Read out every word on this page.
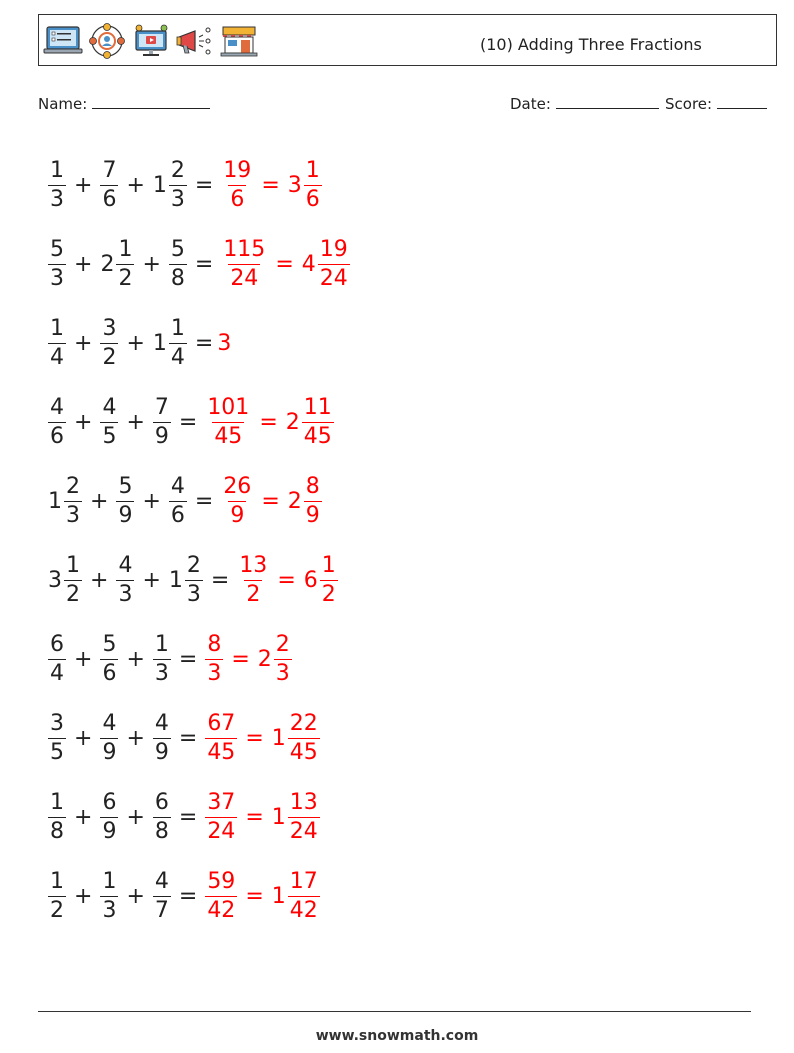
(10) Adding Three Fractions
Name:	Date:	Score:
$\frac{1}{3} + \frac{7}{6} + 1 \frac{2}{3} = \frac{19}{6} = 3 \frac{1}{6}$
$\frac{5}{3} + 2 \frac{1}{2} + \frac{5}{8} = \frac{115}{24} = 4 \frac{19}{24}$
$\frac{1}{4} + \frac{3}{2} + 1 \frac{1}{4} = 3$
$\frac{4}{6} + \frac{4}{5} + \frac{7}{9} = \frac{101}{45} = 2 \frac{11}{45}$
$1 \frac{2}{3} + \frac{5}{9} + \frac{4}{6} = \frac{26}{9} = 2 \frac{8}{9}$
$3 \frac{1}{2} + \frac{4}{3} + 1 \frac{2}{3} = \frac{13}{2} = 6 \frac{1}{2}$
$\frac{6}{4} + \frac{5}{6} + \frac{1}{3} = \frac{8}{3} = 2 \frac{2}{3}$
$\frac{3}{5} + \frac{4}{9} + \frac{4}{9} = \frac{67}{45} = 1 \frac{22}{45}$
$\frac{1}{8} + \frac{6}{9} + \frac{6}{8} = \frac{37}{24} = 1 \frac{13}{24}$
$\frac{1}{2} + \frac{1}{3} + \frac{4}{7} = \frac{59}{42} = 1 \frac{17}{42}$
www.snowmath.com
